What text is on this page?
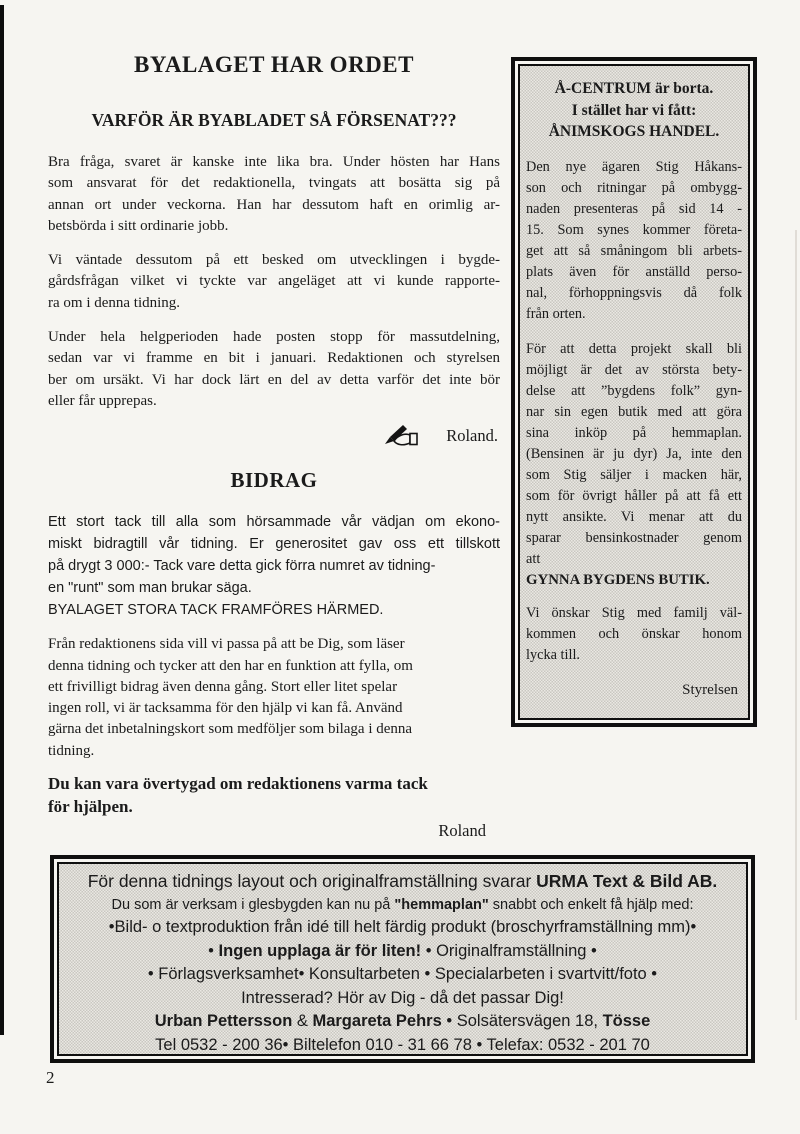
BYALAGET HAR ORDET
VARFÖR ÄR BYABLADET SÅ FÖRSENAT???

Bra fråga, svaret är kanske inte lika bra. Under hösten har Hans
som ansvarat för det redaktionella, tvingats att bosätta sig på
annan ort under veckorna. Han har dessutom haft en orimlig ar-
betsbörda i sitt ordinarie jobb.

Vi väntade dessutom på ett besked om utvecklingen i bygde-
gårdsfrågan vilket vi tyckte var angeläget att vi kunde rapporte-
ra om i denna tidning.

Under hela helgperioden hade posten stopp för massutdelning,
sedan var vi framme en bit i januari. Redaktionen och styrelsen
ber om ursäkt. Vi har dock lärt en del av detta varför det inte bör
eller får upprepas.

Roland.
BIDRAG

Ett stort tack till alla som hörsammade vår vädjan om ekono-
miskt bidragtill vår tidning. Er generositet gav oss ett tillskott
på drygt 3 000:- Tack vare detta gick förra numret av tidning-

en "runt" som man brukar säga.
BYALAGET STORA TACK FRAMFÖRES HÄRMED.

Från redaktionens sida vill vi passa på att be Dig, som läser
denna tidning och tycker att den har en funktion att fylla, om
ett frivilligt bidrag även denna gång. Stort eller litet spelar
ingen roll, vi är tacksamma för den hjälp vi kan få. Använd
gärna det inbetalningskort som medföljer som bilaga i denna
tidning.

Du kan vara övertygad om redaktionens varma tack
för hjälpen.

Roland
Å-CENTRUM är borta.
I stället har vi fått:
ÅNIMSKOGS HANDEL.

Den nye ägaren Stig Håkans-
son och ritningar på ombygg-
naden presenteras på sid 14 -
15. Som synes kommer företa-
get att så småningom bli arbets-
plats även för anställd perso-
nal, förhoppningsvis då folk
från orten.

För att detta projekt skall bli
möjligt är det av största bety-
delse att ”bygdens folk” gyn-
nar sin egen butik med att göra
sina inköp på hemmaplan.
(Bensinen är ju dyr) Ja, inte den
som Stig säljer i macken här,
som för övrigt håller på att få ett
nytt ansikte. Vi menar att du
sparar bensinkostnader genom
att

GYNNA BYGDENS BUTIK.

Vi önskar Stig med familj väl-
kommen och önskar honom
lycka till.

Styrelsen
För denna tidnings layout och originalframställning svarar URMA Text & Bild AB.
Du som är verksam i glesbygden kan nu på "hemmaplan" snabbt och enkelt få hjälp med:
•Bild- o textproduktion från idé till helt färdig produkt (broschyrframställning mm)•
• Ingen upplaga är för liten! • Originalframställning •
• Förlagsverksamhet• Konsultarbeten • Specialarbeten i svartvitt/foto •
Intresserad? Hör av Dig - då det passar Dig!
Urban Pettersson & Margareta Pehrs • Solsätersvägen 18, Tösse
Tel 0532 - 200 36• Biltelefon 010 - 31 66 78 • Telefax: 0532 - 201 70
2
